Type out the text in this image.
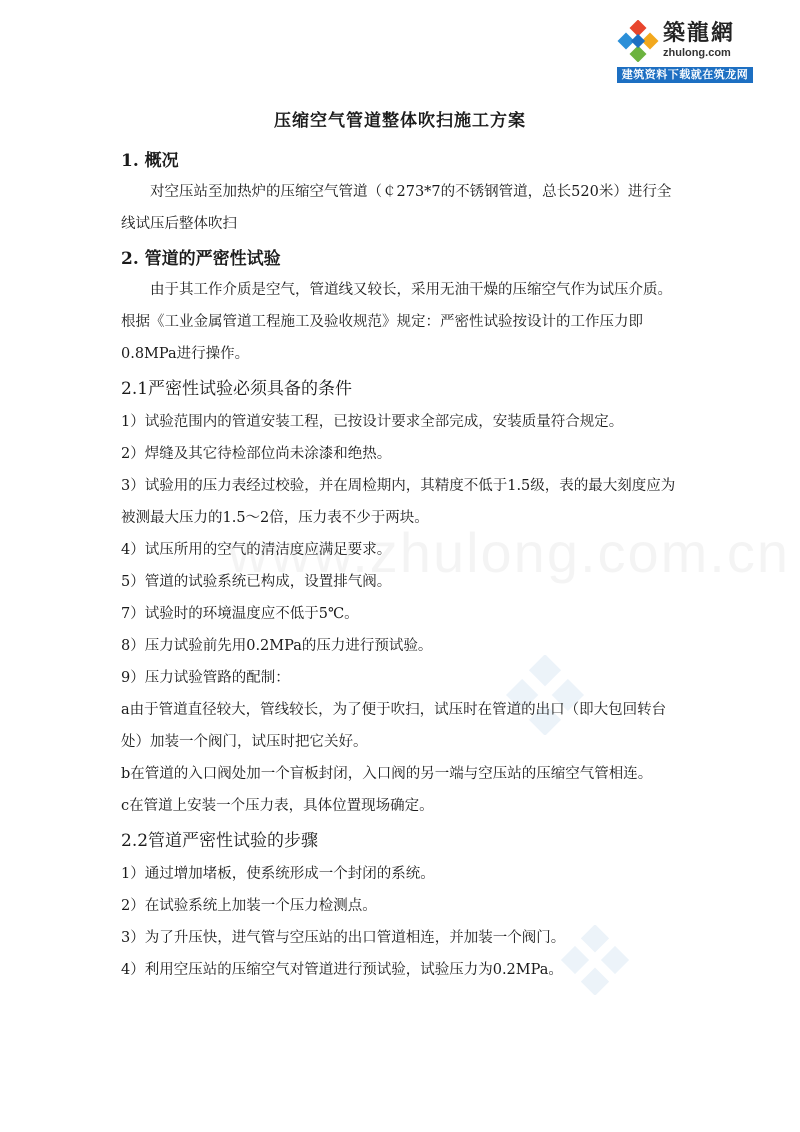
築龍網
zhulong.com
建筑资料下载就在筑龙网
压缩空气管道整体吹扫施工方案

1. 概况

对空压站至加热炉的压缩空气管道（￠273*7的不锈钢管道，总长520米）进行全线试压后整体吹扫

2. 管道的严密性试验

由于其工作介质是空气，管道线又较长，采用无油干燥的压缩空气作为试压介质。根据《工业金属管道工程施工及验收规范》规定：严密性试验按设计的工作压力即0.8MPa进行操作。

2.1严密性试验必须具备的条件

1）试验范围内的管道安装工程，已按设计要求全部完成，安装质量符合规定。

2）焊缝及其它待检部位尚未涂漆和绝热。

3）试验用的压力表经过校验，并在周检期内，其精度不低于1.5级，表的最大刻度应为被测最大压力的1.5～2倍，压力表不少于两块。

4）试压所用的空气的清洁度应满足要求。

5）管道的试验系统已构成，设置排气阀。

7）试验时的环境温度应不低于5℃。

8）压力试验前先用0.2MPa的压力进行预试验。

9）压力试验管路的配制：

a由于管道直径较大，管线较长，为了便于吹扫，试压时在管道的出口（即大包回转台处）加装一个阀门，试压时把它关好。

b在管道的入口阀处加一个盲板封闭，入口阀的另一端与空压站的压缩空气管相连。

c在管道上安装一个压力表，具体位置现场确定。

2.2管道严密性试验的步骤

1）通过增加堵板，使系统形成一个封闭的系统。

2）在试验系统上加装一个压力检测点。

3）为了升压快，进气管与空压站的出口管道相连，并加装一个阀门。

4）利用空压站的压缩空气对管道进行预试验，试验压力为0.2MPa。
